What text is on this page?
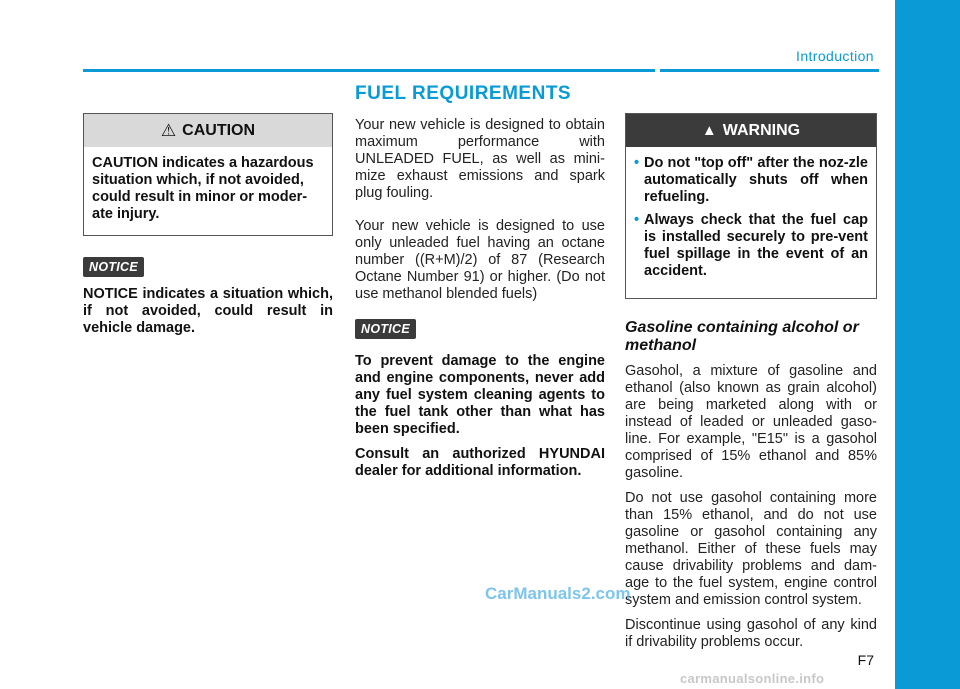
Introduction
⚠ CAUTION
CAUTION indicates a hazardous situation which, if not avoided, could result in minor or moder-ate injury.
NOTICE
NOTICE indicates a situation which, if not avoided, could result in vehicle damage.
FUEL REQUIREMENTS
Your new vehicle is designed to obtain maximum performance with UNLEADED FUEL, as well as mini-mize exhaust emissions and spark plug fouling.
Your new vehicle is designed to use only unleaded fuel having an octane number ((R+M)/2) of 87 (Research Octane Number 91) or higher. (Do not use methanol blended fuels)
NOTICE
To prevent damage to the engine and engine components, never add any fuel system cleaning agents to the fuel tank other than what has been specified.
Consult an authorized HYUNDAI dealer for additional information.
▲ WARNING
• Do not "top off" after the noz-zle automatically shuts off when refueling.
• Always check that the fuel cap is installed securely to pre-vent fuel spillage in the event of an accident.
Gasoline containing alcohol or methanol
Gasohol, a mixture of gasoline and ethanol (also known as grain alcohol) are being marketed along with or instead of leaded or unleaded gaso-line. For example, "E15" is a gasohol comprised of 15% ethanol and 85% gasoline.
Do not use gasohol containing more than 15% ethanol, and do not use gasoline or gasohol containing any methanol. Either of these fuels may cause drivability problems and dam-age to the fuel system, engine control system and emission control system.
Discontinue using gasohol of any kind if drivability problems occur.
F7
CarManuals2.com
carmanualsonline.info
